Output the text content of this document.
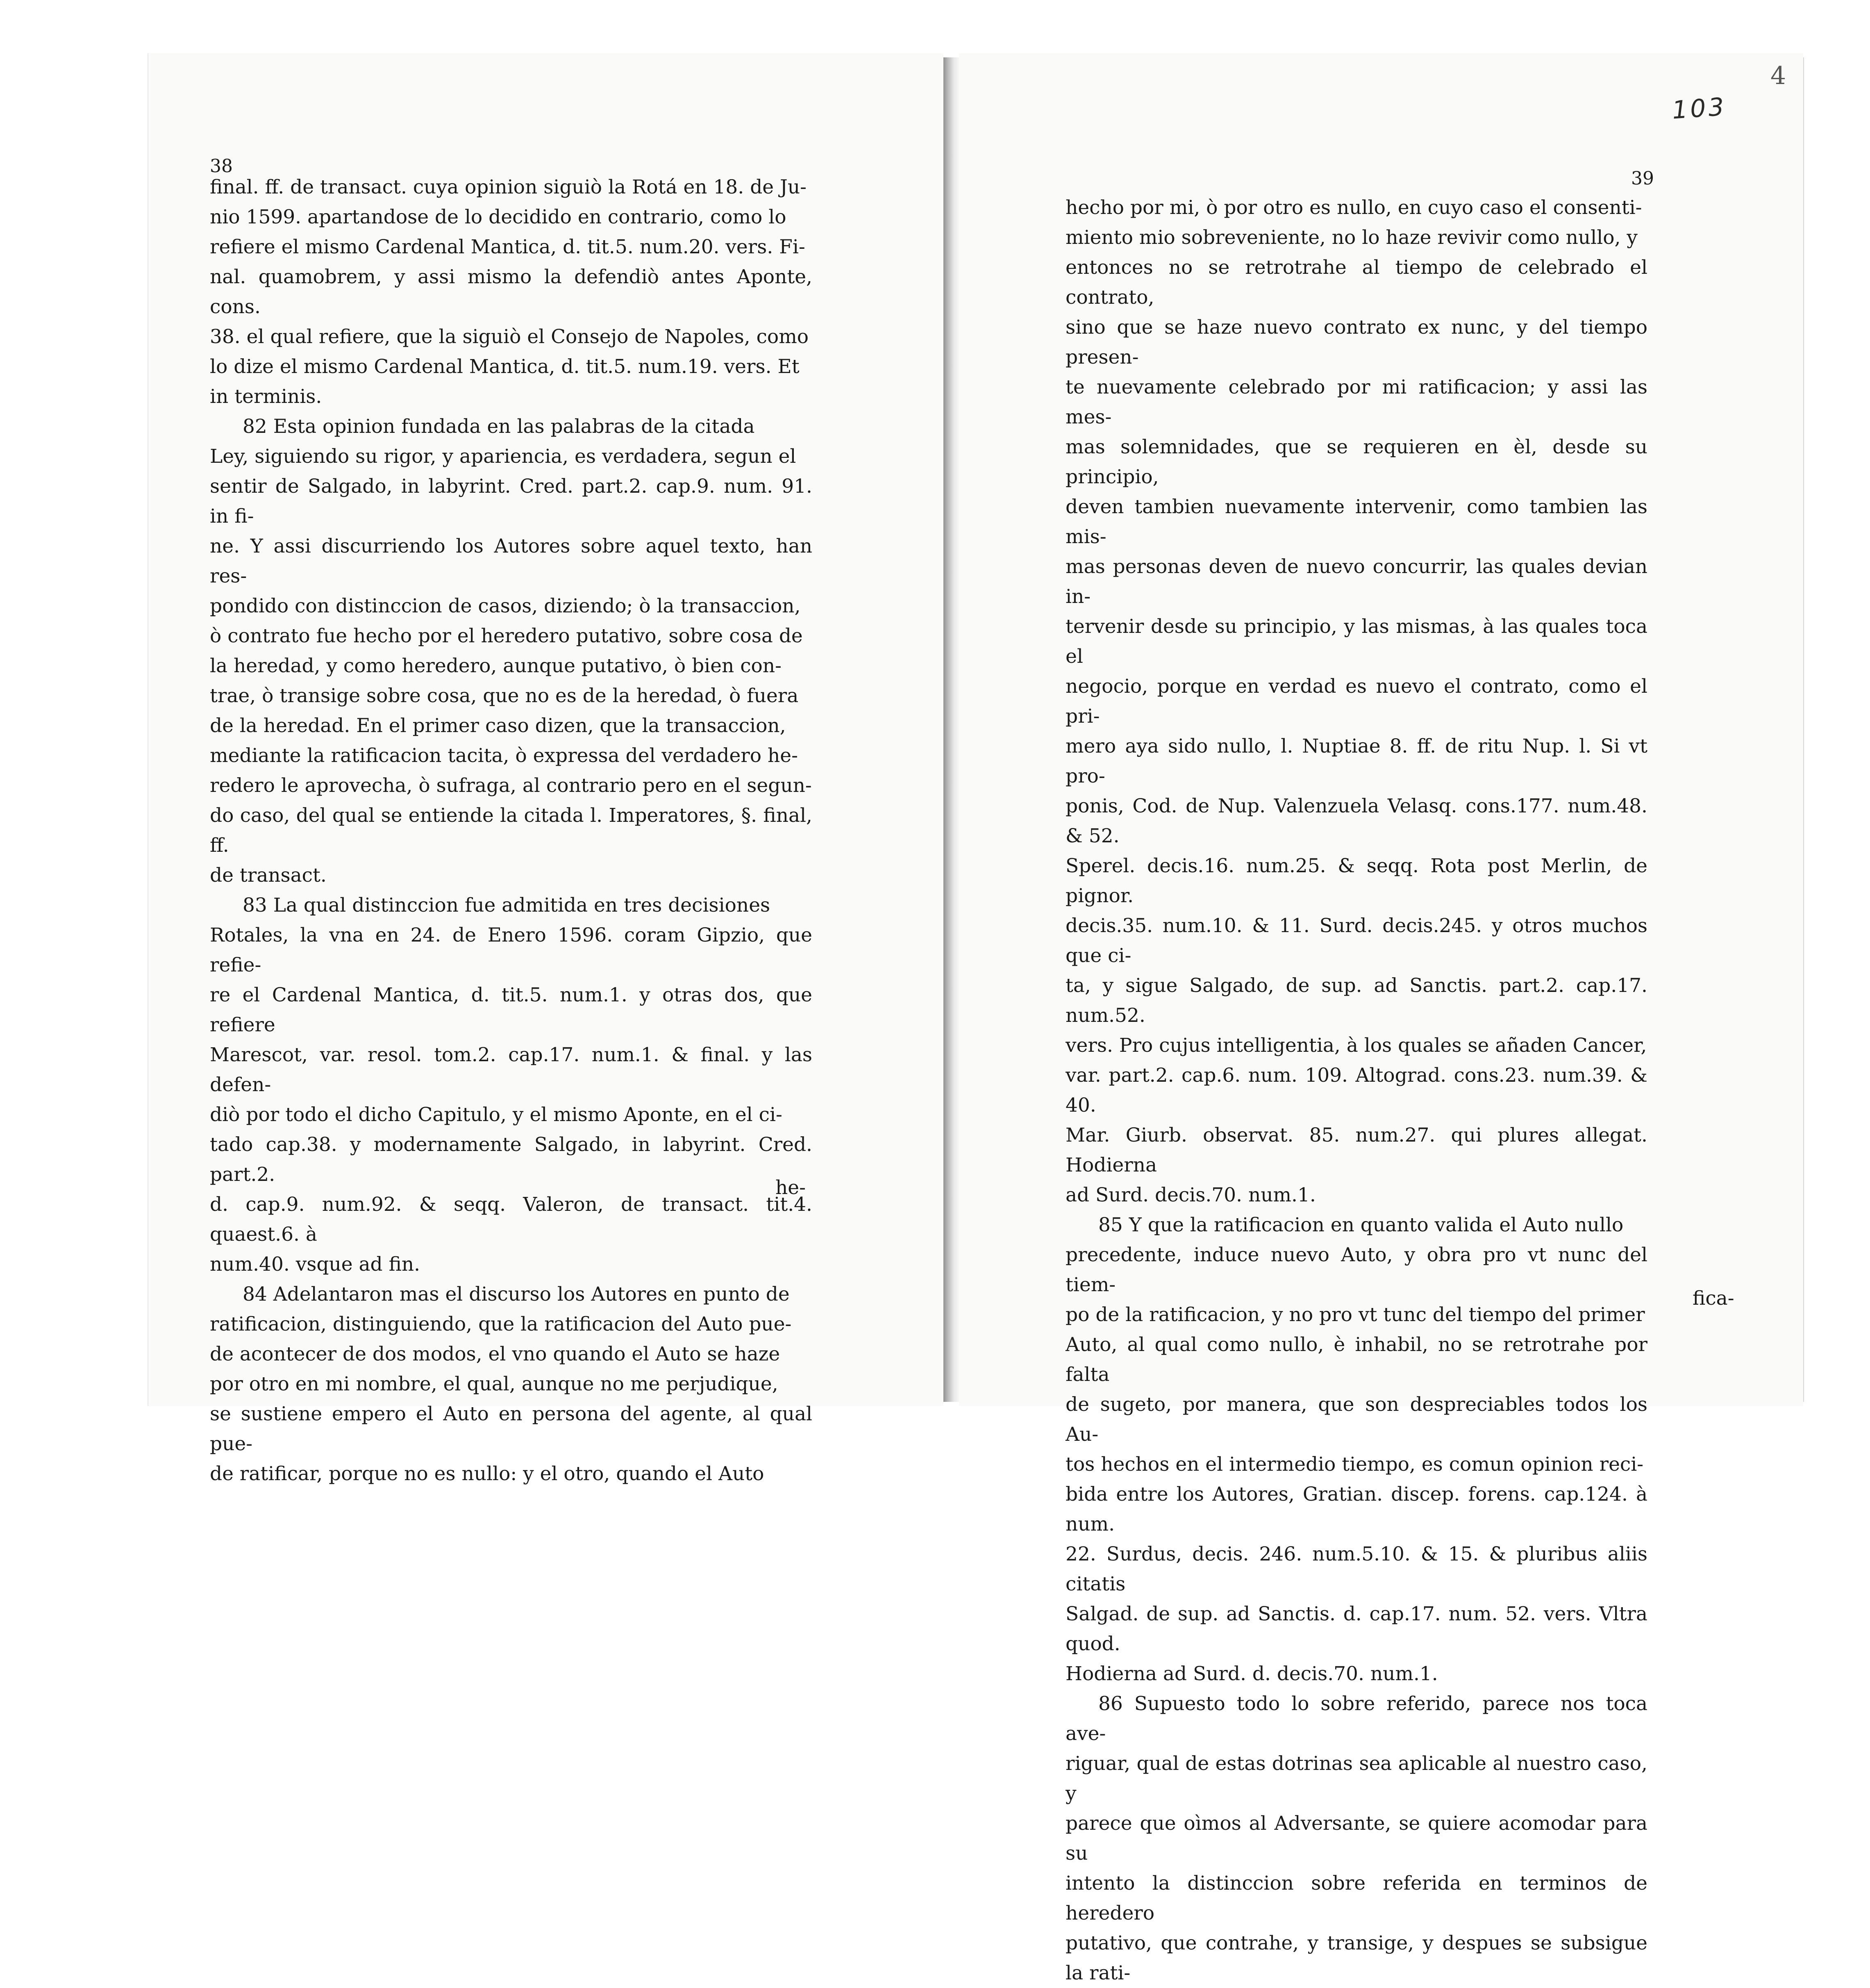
final. ff. de transact. cuya opinion siguiò la Rotá en 18. de Ju-

nio 1599. apartandose de lo decidido en contrario, como lo

refiere el mismo Cardenal Mantica, d. tit.5. num.20. vers. Fi-

nal. quamobrem, y assi mismo la defendiò antes Aponte, cons.

38. el qual refiere, que la siguiò el Consejo de Napoles, como

lo dize el mismo Cardenal Mantica, d. tit.5. num.19. vers. Et

in terminis.

82 Esta opinion fundada en las palabras de la citada

Ley, siguiendo su rigor, y apariencia, es verdadera, segun el

sentir de Salgado, in labyrint. Cred. part.2. cap.9. num. 91. in fi-

ne. Y assi discurriendo los Autores sobre aquel texto, han res-

pondido con distinccion de casos, diziendo; ò la transaccion,

ò contrato fue hecho por el heredero putativo, sobre cosa de

la heredad, y como heredero, aunque putativo, ò bien con-

trae, ò transige sobre cosa, que no es de la heredad, ò fuera

de la heredad. En el primer caso dizen, que la transaccion,

mediante la ratificacion tacita, ò expressa del verdadero he-

redero le aprovecha, ò sufraga, al contrario pero en el segun-

do caso, del qual se entiende la citada l. Imperatores, §. final, ff.

de transact.

83 La qual distinccion fue admitida en tres decisiones

Rotales, la vna en 24. de Enero 1596. coram Gipzio, que refie-

re el Cardenal Mantica, d. tit.5. num.1. y otras dos, que refiere

Marescot, var. resol. tom.2. cap.17. num.1. & final. y las defen-

diò por todo el dicho Capitulo, y el mismo Aponte, en el ci-

tado cap.38. y modernamente Salgado, in labyrint. Cred. part.2.

d. cap.9. num.92. & seqq. Valeron, de transact. tit.4. quaest.6. à

num.40. vsque ad fin.

84 Adelantaron mas el discurso los Autores en punto de

ratificacion, distinguiendo, que la ratificacion del Auto pue-

de acontecer de dos modos, el vno quando el Auto se haze

por otro en mi nombre, el qual, aunque no me perjudique,

se sustiene empero el Auto en persona del agente, al qual pue-

de ratificar, porque no es nullo: y el otro, quando el Auto

38
he-
103
4
39

hecho por mi, ò por otro es nullo, en cuyo caso el consenti-

miento mio sobreveniente, no lo haze revivir como nullo, y

entonces no se retrotrahe al tiempo de celebrado el contrato,

sino que se haze nuevo contrato ex nunc, y del tiempo presen-

te nuevamente celebrado por mi ratificacion; y assi las mes-

mas solemnidades, que se requieren en èl, desde su principio,

deven tambien nuevamente intervenir, como tambien las mis-

mas personas deven de nuevo concurrir, las quales devian in-

tervenir desde su principio, y las mismas, à las quales toca el

negocio, porque en verdad es nuevo el contrato, como el pri-

mero aya sido nullo, l. Nuptiae 8. ff. de ritu Nup. l. Si vt pro-

ponis, Cod. de Nup. Valenzuela Velasq. cons.177. num.48. & 52.

Sperel. decis.16. num.25. & seqq. Rota post Merlin, de pignor.

decis.35. num.10. & 11. Surd. decis.245. y otros muchos que ci-

ta, y sigue Salgado, de sup. ad Sanctis. part.2. cap.17. num.52.

vers. Pro cujus intelligentia, à los quales se añaden Cancer,

var. part.2. cap.6. num. 109. Altograd. cons.23. num.39. & 40.

Mar. Giurb. observat. 85. num.27. qui plures allegat. Hodierna

ad Surd. decis.70. num.1.

85 Y que la ratificacion en quanto valida el Auto nullo

precedente, induce nuevo Auto, y obra pro vt nunc del tiem-

po de la ratificacion, y no pro vt tunc del tiempo del primer

Auto, al qual como nullo, è inhabil, no se retrotrahe por falta

de sugeto, por manera, que son despreciables todos los Au-

tos hechos en el intermedio tiempo, es comun opinion reci-

bida entre los Autores, Gratian. discep. forens. cap.124. à num.

22. Surdus, decis. 246. num.5.10. & 15. & pluribus aliis citatis

Salgad. de sup. ad Sanctis. d. cap.17. num. 52. vers. Vltra quod.

Hodierna ad Surd. d. decis.70. num.1.

86 Supuesto todo lo sobre referido, parece nos toca ave-

riguar, qual de estas dotrinas sea aplicable al nuestro caso, y

parece que oìmos al Adversante, se quiere acomodar para su

intento la distinccion sobre referida en terminos de heredero

putativo, que contrahe, y transige, y despues se subsigue la rati-

fica-
